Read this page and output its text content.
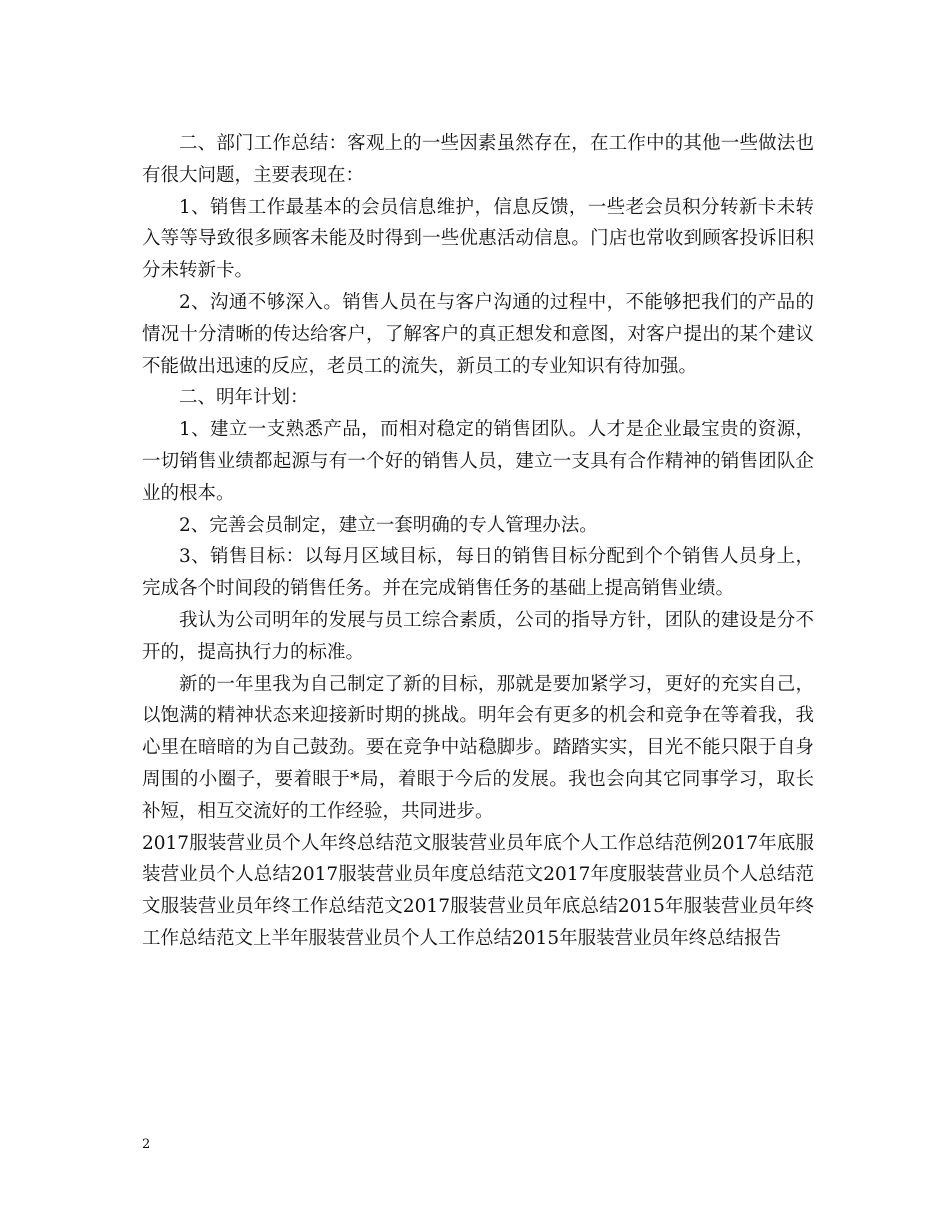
二、部门工作总结：客观上的一些因素虽然存在，在工作中的其他一些做法也有很大问题，主要表现在：

1、销售工作最基本的会员信息维护，信息反馈，一些老会员积分转新卡未转入等等导致很多顾客未能及时得到一些优惠活动信息。门店也常收到顾客投诉旧积分未转新卡。

2、沟通不够深入。销售人员在与客户沟通的过程中，不能够把我们的产品的情况十分清晰的传达给客户，了解客户的真正想发和意图，对客户提出的某个建议不能做出迅速的反应，老员工的流失，新员工的专业知识有待加强。

二、明年计划：

1、建立一支熟悉产品，而相对稳定的销售团队。人才是企业最宝贵的资源，一切销售业绩都起源与有一个好的销售人员，建立一支具有合作精神的销售团队企业的根本。

2、完善会员制定，建立一套明确的专人管理办法。

3、销售目标：以每月区域目标，每日的销售目标分配到个个销售人员身上，完成各个时间段的销售任务。并在完成销售任务的基础上提高销售业绩。

我认为公司明年的发展与员工综合素质，公司的指导方针，团队的建设是分不开的，提高执行力的标准。

新的一年里我为自己制定了新的目标，那就是要加紧学习，更好的充实自己，以饱满的精神状态来迎接新时期的挑战。明年会有更多的机会和竞争在等着我，我心里在暗暗的为自己鼓劲。要在竞争中站稳脚步。踏踏实实，目光不能只限于自身周围的小圈子，要着眼于*局，着眼于今后的发展。我也会向其它同事学习，取长补短，相互交流好的工作经验，共同进步。

2017服装营业员个人年终总结范文服装营业员年底个人工作总结范例2017年底服装营业员个人总结2017服装营业员年度总结范文2017年度服装营业员个人总结范文服装营业员年终工作总结范文2017服装营业员年底总结2015年服装营业员年终工作总结范文上半年服装营业员个人工作总结2015年服装营业员年终总结报告

2
